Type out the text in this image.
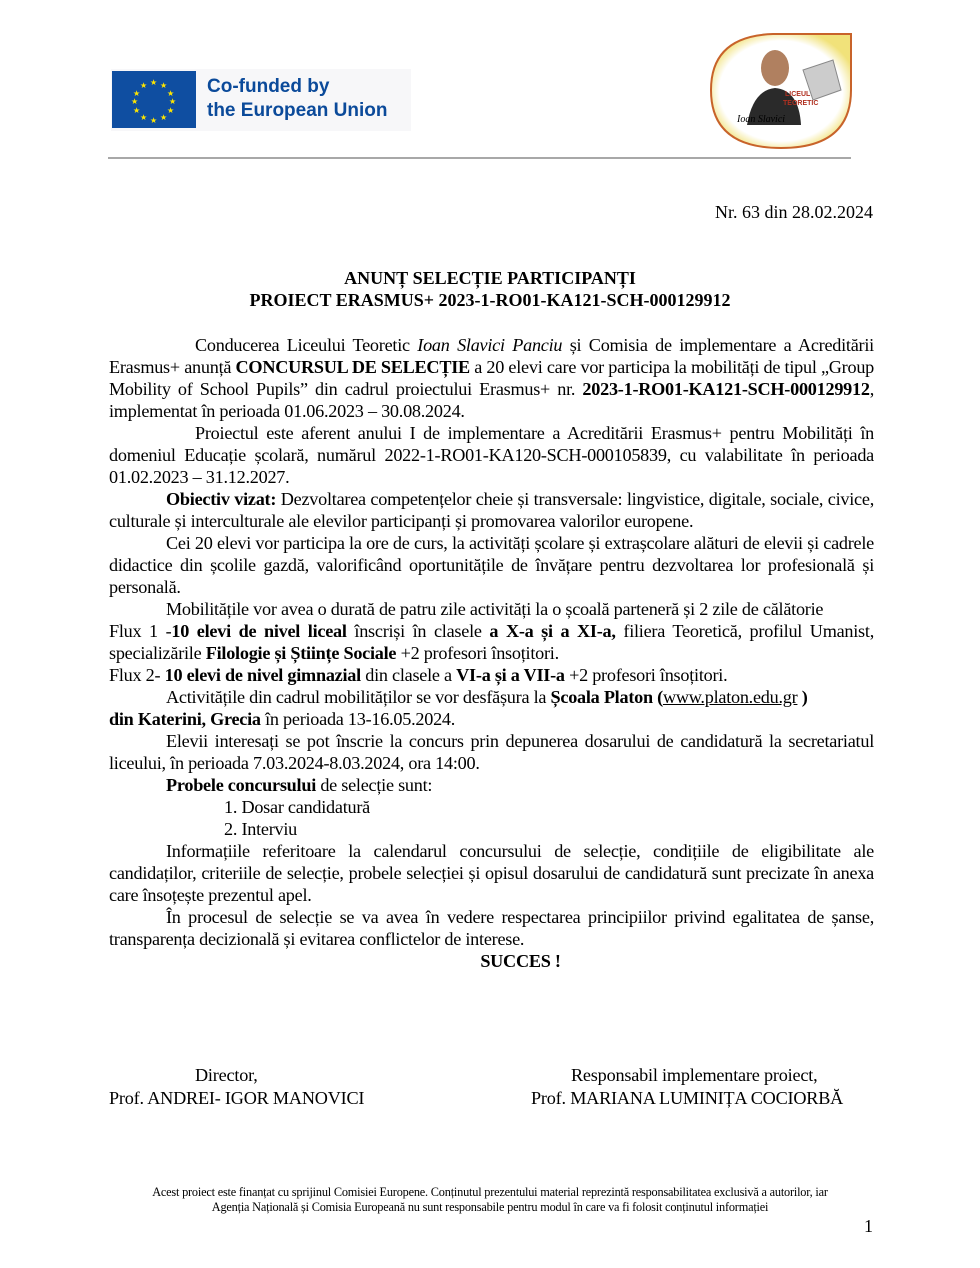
★ ★
★
★
★
★
★
★
★
★
★
★	Co-funded by
the European Union
LICEUL
TEORETIC
Ioan Slavici
Nr. 63 din 28.02.2024
ANUNȚ SELECȚIE PARTICIPANȚI
PROIECT ERASMUS+ 2023-1-RO01-KA121-SCH-000129912

Conducerea Liceului Teoretic Ioan Slavici Panciu și Comisia de implementare a Acreditării Erasmus+ anunță CONCURSUL DE SELECȚIE a 20 elevi care vor participa la mobilități de tipul „Group Mobility of School Pupils” din cadrul proiectului Erasmus+ nr. 2023-1-RO01-KA121-SCH-000129912, implementat în perioada 01.06.2023 – 30.08.2024.

Proiectul este aferent anului I de implementare a Acreditării Erasmus+ pentru Mobilități în domeniul Educație școlară, numărul 2022-1-RO01-KA120-SCH-000105839, cu valabilitate în perioada 01.02.2023 – 31.12.2027.

Obiectiv vizat: Dezvoltarea competențelor cheie și transversale: lingvistice, digitale, sociale, civice, culturale și interculturale ale elevilor participanți și promovarea valorilor europene.

Cei 20 elevi vor participa la ore de curs, la activități școlare și extrașcolare alături de elevii și cadrele didactice din școlile gazdă, valorificând oportunitățile de învățare pentru dezvoltarea lor profesională și personală.

Mobilitățile vor avea o durată de patru zile activități la o școală parteneră și 2 zile de călătorie

Flux 1 -10 elevi de nivel liceal înscriși în clasele a X-a și a XI-a, filiera Teoretică, profilul Umanist, specializările Filologie și Științe Sociale +2 profesori însoțitori.

Flux 2- 10 elevi de nivel gimnazial din clasele a VI-a și a VII-a +2 profesori însoțitori.

Activitățile din cadrul mobilităților se vor desfășura la Școala Platon (www.platon.edu.gr )
din Katerini, Grecia în perioada 13-16.05.2024.

Elevii interesați se pot înscrie la concurs prin depunerea dosarului de candidatură la secretariatul liceului, în perioada 7.03.2024-8.03.2024, ora 14:00.

Probele concursului de selecție sunt:

1. Dosar candidatură

2. Interviu

Informațiile referitoare la calendarul concursului de selecție, condițiile de eligibilitate ale candidaților, criteriile de selecție, probele selecției și opisul dosarului de candidatură sunt precizate în anexa care însoțește prezentul apel.

În procesul de selecție se va avea în vedere respectarea principiilor privind egalitatea de șanse, transparența decizională și evitarea conflictelor de interese.

SUCCES !

Director,
Prof. ANDREI- IGOR MANOVICI
Responsabil implementare proiect,
Prof. MARIANA LUMINIȚA COCIORBĂ
Acest proiect este finanțat cu sprijinul Comisiei Europene. Conținutul prezentului material reprezintă responsabilitatea exclusivă a autorilor, iar
Agenția Națională și Comisia Europeană nu sunt responsabile pentru modul în care va fi folosit conținutul informației
1
